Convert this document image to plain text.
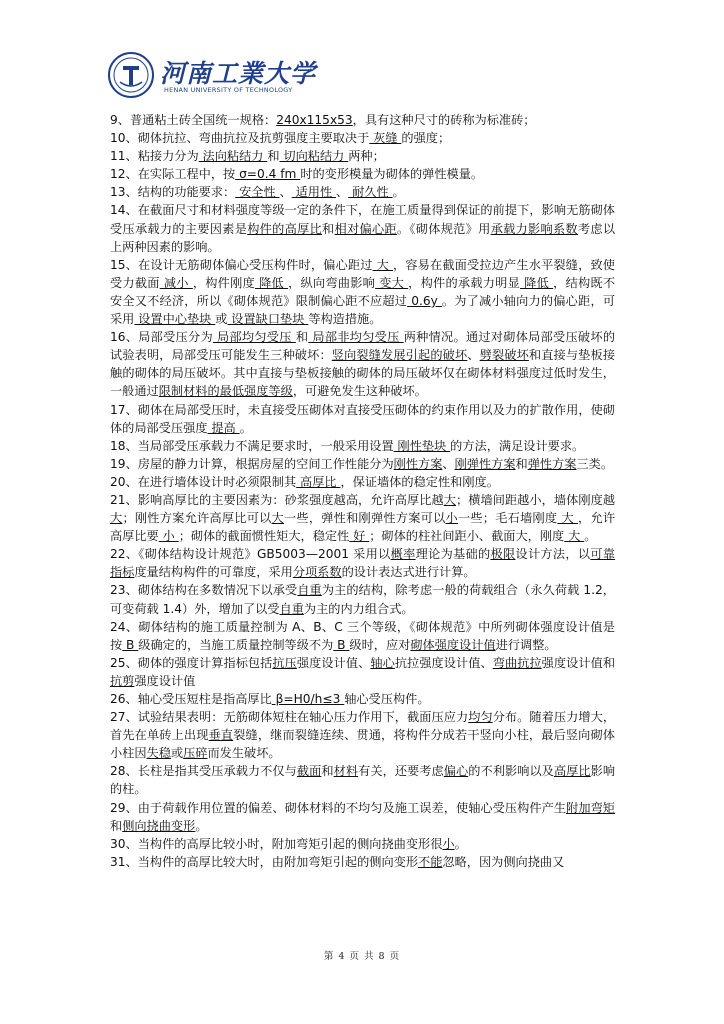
河南工業大学
HENAN UNIVERSITY OF TECHNOLOGY

9、普通粘土砖全国统一规格：240x115x53，具有这种尺寸的砖称为标准砖；

10、砌体抗拉、弯曲抗拉及抗剪强度主要取决于 灰缝 的强度；

11、粘接力分为 法向粘结力 和 切向粘结力 两种；

12、在实际工程中，按 σ=0.4 fm 时的变形模量为砌体的弹性模量。

13、结构的功能要求： 安全性 、 适用性 、 耐久性 。

14、在截面尺寸和材料强度等级一定的条件下，在施工质量得到保证的前提下，影响无筋砌体受压承载力的主要因素是构件的高厚比和相对偏心距。《砌体规范》用承载力影响系数考虑以上两种因素的影响。

15、在设计无筋砌体偏心受压构件时，偏心距过 大 ，容易在截面受拉边产生水平裂缝，致使受力截面 减小 ，构件刚度 降低 ，纵向弯曲影响 变大 ，构件的承载力明显 降低 ，结构既不安全又不经济，所以《砌体规范》限制偏心距不应超过 0.6y 。为了减小轴向力的偏心距，可采用 设置中心垫块 或 设置缺口垫块 等构造措施。

16、局部受压分为 局部均匀受压 和 局部非均匀受压 两种情况。通过对砌体局部受压破坏的试验表明，局部受压可能发生三种破坏：竖向裂缝发展引起的破坏、劈裂破坏和直接与垫板接触的砌体的局压破坏。其中直接与垫板接触的砌体的局压破坏仅在砌体材料强度过低时发生，一般通过限制材料的最低强度等级，可避免发生这种破坏。

17、砌体在局部受压时，未直接受压砌体对直接受压砌体的约束作用以及力的扩散作用，使砌体的局部受压强度 提高 。

18、当局部受压承载力不满足要求时，一般采用设置 刚性垫块 的方法，满足设计要求。

19、房屋的静力计算，根据房屋的空间工作性能分为刚性方案、刚弹性方案和弹性方案三类。

20、在进行墙体设计时必须限制其 高厚比 ，保证墙体的稳定性和刚度。

21、影响高厚比的主要因素为：砂浆强度越高，允许高厚比越大；横墙间距越小，墙体刚度越大；刚性方案允许高厚比可以大一些，弹性和刚弹性方案可以小一些；毛石墙刚度 大 ，允许高厚比要 小 ；砌体的截面惯性矩大，稳定性 好 ；砌体的柱社间距小、截面大，刚度 大 。

22、《砌体结构设计规范》GB5003—2001 采用以概率理论为基础的极限设计方法，以可靠指标度量结构构件的可靠度，采用分项系数的设计表达式进行计算。

23、砌体结构在多数情况下以承受自重为主的结构，除考虑一般的荷载组合（永久荷载 1.2，可变荷载 1.4）外，增加了以受自重为主的内力组合式。

24、砌体结构的施工质量控制为 A、B、C 三个等级，《砌体规范》中所列砌体强度设计值是按 B 级确定的，当施工质量控制等级不为 B 级时，应对砌体强度设计值进行调整。

25、砌体的强度计算指标包括抗压强度设计值、轴心抗拉强度设计值、弯曲抗拉强度设计值和抗剪强度设计值

26、轴心受压短柱是指高厚比 β=H0/h≤3 轴心受压构件。

27、试验结果表明：无筋砌体短柱在轴心压力作用下，截面压应力均匀分布。随着压力增大，首先在单砖上出现垂直裂缝，继而裂缝连续、贯通，将构件分成若干竖向小柱，最后竖向砌体小柱因失稳或压碎而发生破坏。

28、长柱是指其受压承载力不仅与截面和材料有关，还要考虑偏心的不利影响以及高厚比影响的柱。

29、由于荷载作用位置的偏差、砌体材料的不均匀及施工误差，使轴心受压构件产生附加弯矩和侧向挠曲变形。

30、当构件的高厚比较小时，附加弯矩引起的侧向挠曲变形很小。

31、当构件的高厚比较大时，由附加弯矩引起的侧向变形不能忽略，因为侧向挠曲又

第 4 页 共 8 页
